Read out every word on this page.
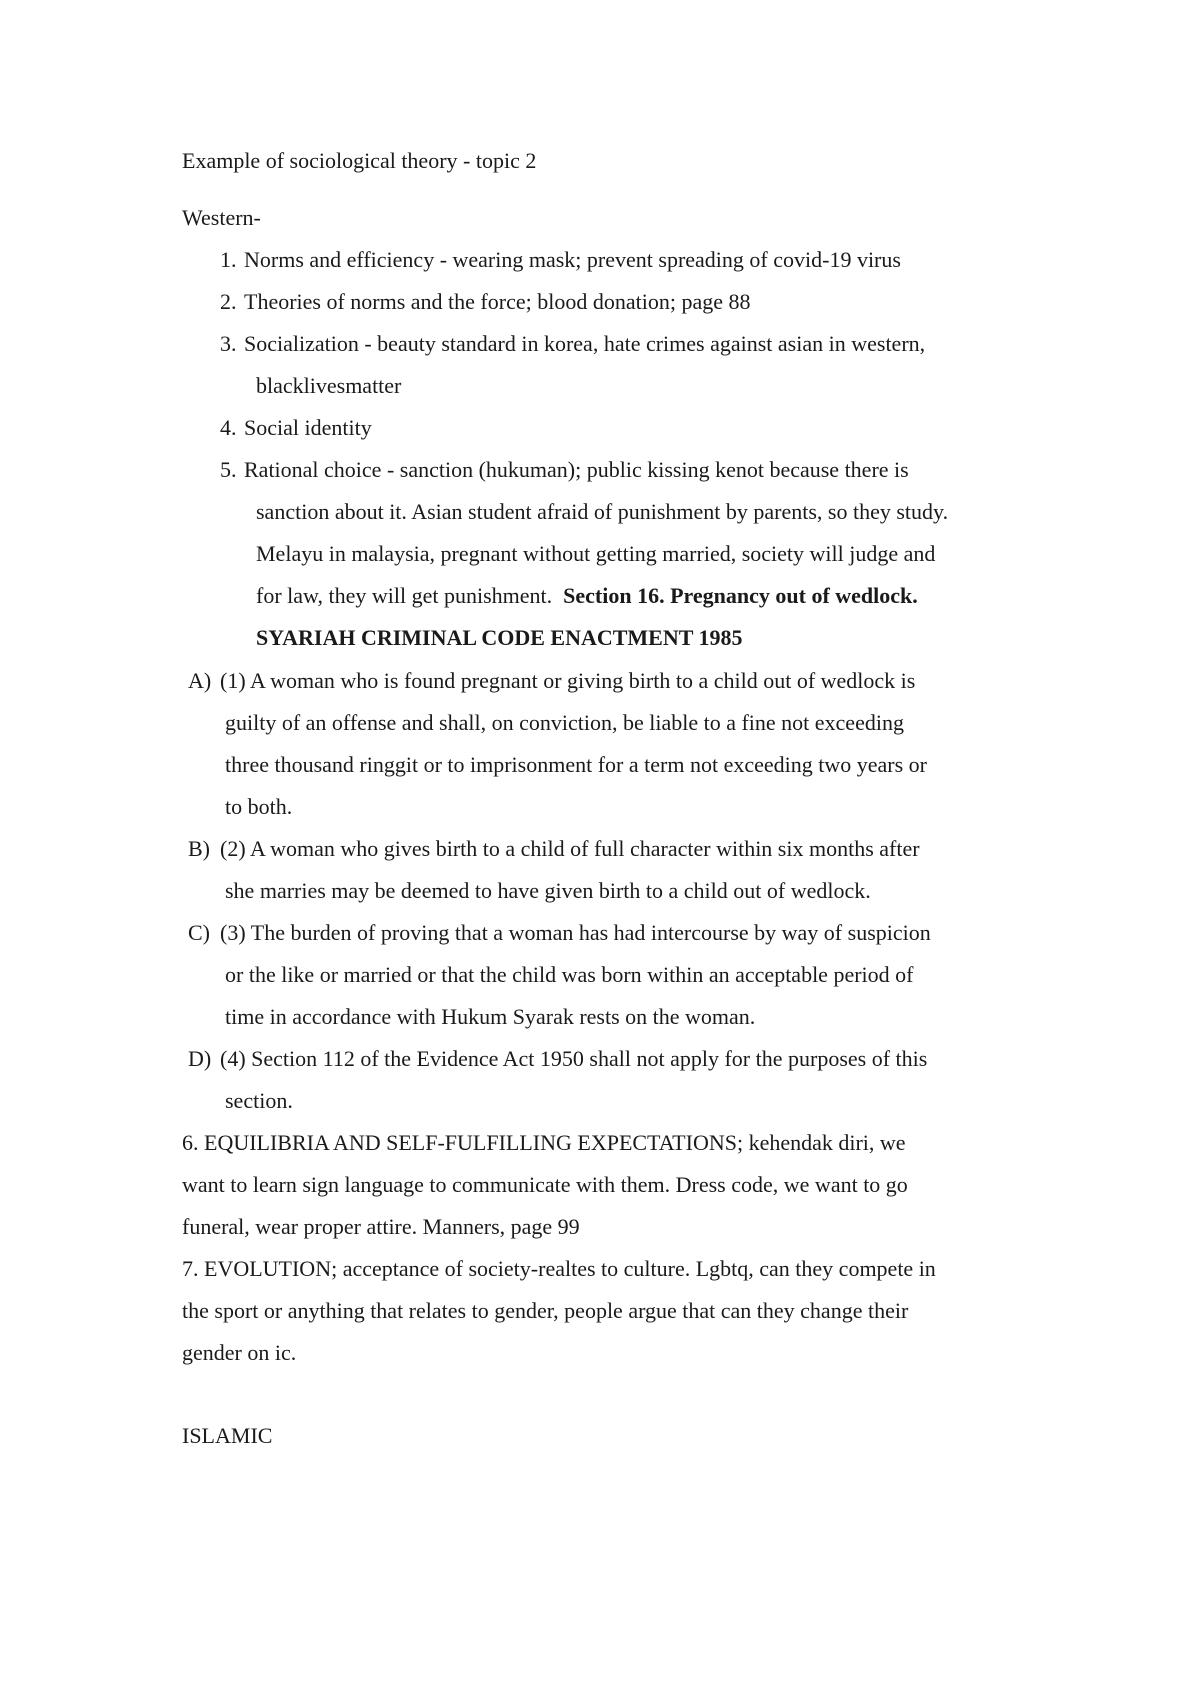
Example of sociological theory - topic 2
Western-
1. Norms and efficiency - wearing mask; prevent spreading of covid-19 virus
2. Theories of norms and the force; blood donation; page 88
3. Socialization - beauty standard in korea, hate crimes against asian in western,
blacklivesmatter
4. Social identity
5. Rational choice - sanction (hukuman); public kissing kenot because there is
sanction about it. Asian student afraid of punishment by parents, so they study.
Melayu in malaysia, pregnant without getting married, society will judge and
for law, they will get punishment. Section 16. Pregnancy out of wedlock.
SYARIAH CRIMINAL CODE ENACTMENT 1985
A) (1) A woman who is found pregnant or giving birth to a child out of wedlock is
guilty of an offense and shall, on conviction, be liable to a fine not exceeding
three thousand ringgit or to imprisonment for a term not exceeding two years or
to both.
B) (2) A woman who gives birth to a child of full character within six months after
she marries may be deemed to have given birth to a child out of wedlock.
C) (3) The burden of proving that a woman has had intercourse by way of suspicion
or the like or married or that the child was born within an acceptable period of
time in accordance with Hukum Syarak rests on the woman.
D) (4) Section 112 of the Evidence Act 1950 shall not apply for the purposes of this
section.
6. EQUILIBRIA AND SELF-FULFILLING EXPECTATIONS; kehendak diri, we
want to learn sign language to communicate with them. Dress code, we want to go
funeral, wear proper attire. Manners, page 99
7. EVOLUTION; acceptance of society-realtes to culture. Lgbtq, can they compete in
the sport or anything that relates to gender, people argue that can they change their
gender on ic.
ISLAMIC
